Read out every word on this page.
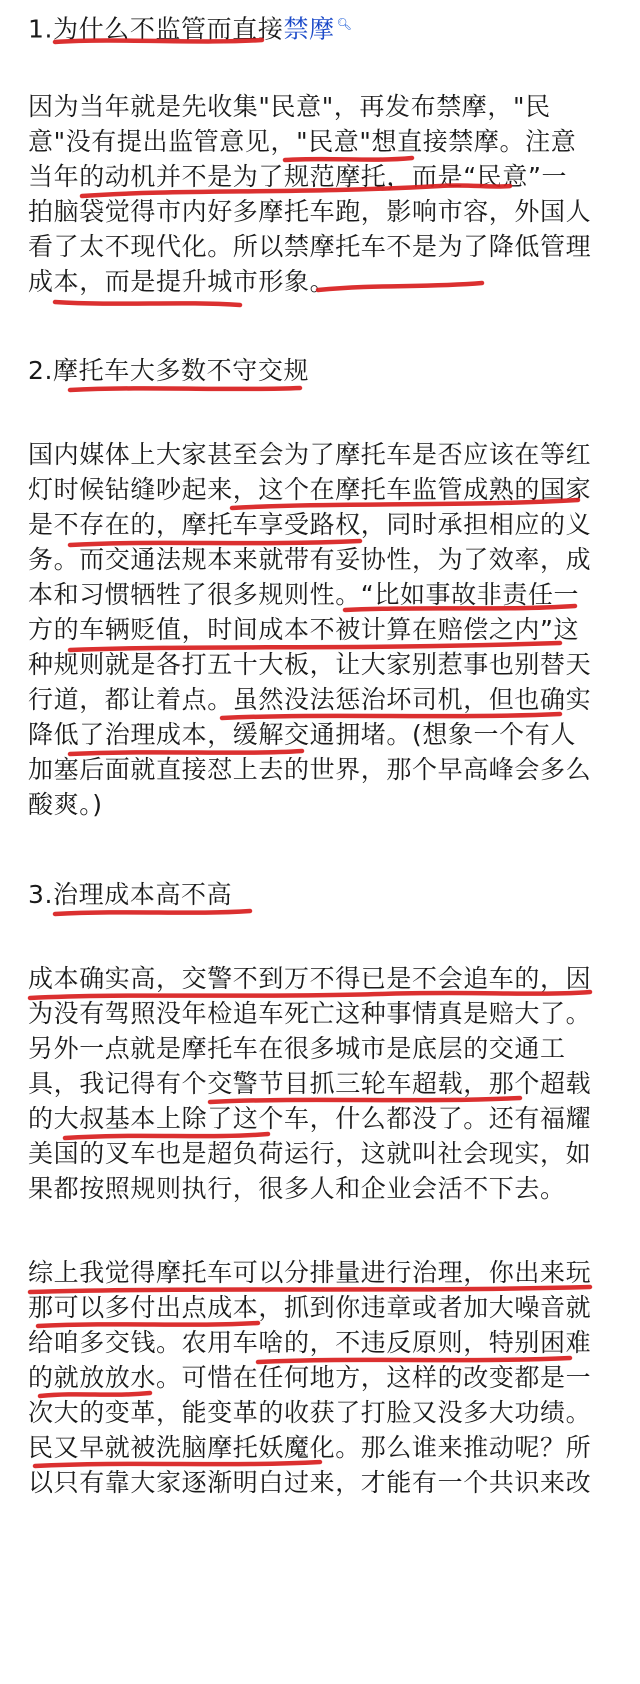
1.为什么不监管而直接禁摩 🔍︎
因为当年就是先收集"民意"，再发布禁摩，"民
意"没有提出监管意见，"民意"想直接禁摩。注意
当年的动机并不是为了规范摩托，而是“民意”一
拍脑袋觉得市内好多摩托车跑，影响市容，外国人
看了太不现代化。所以禁摩托车不是为了降低管理
成本，而是提升城市形象。
2.摩托车大多数不守交规
国内媒体上大家甚至会为了摩托车是否应该在等红
灯时候钻缝吵起来，这个在摩托车监管成熟的国家
是不存在的，摩托车享受路权，同时承担相应的义
务。而交通法规本来就带有妥协性，为了效率，成
本和习惯牺牲了很多规则性。“比如事故非责任一
方的车辆贬值，时间成本不被计算在赔偿之内”这
种规则就是各打五十大板，让大家别惹事也别替天
行道，都让着点。虽然没法惩治坏司机，但也确实
降低了治理成本，缓解交通拥堵。(想象一个有人
加塞后面就直接怼上去的世界，那个早高峰会多么
酸爽。)
3.治理成本高不高
成本确实高，交警不到万不得已是不会追车的，因
为没有驾照没年检追车死亡这种事情真是赔大了。
另外一点就是摩托车在很多城市是底层的交通工
具，我记得有个交警节目抓三轮车超载，那个超载
的大叔基本上除了这个车，什么都没了。还有福耀
美国的叉车也是超负荷运行，这就叫社会现实，如
果都按照规则执行，很多人和企业会活不下去。
综上我觉得摩托车可以分排量进行治理，你出来玩
那可以多付出点成本，抓到你违章或者加大噪音就
给咱多交钱。农用车啥的，不违反原则，特别困难
的就放放水。可惜在任何地方，这样的改变都是一
次大的变革，能变革的收获了打脸又没多大功绩。
民又早就被洗脑摩托妖魔化。那么谁来推动呢？所
以只有靠大家逐渐明白过来，才能有一个共识来改
